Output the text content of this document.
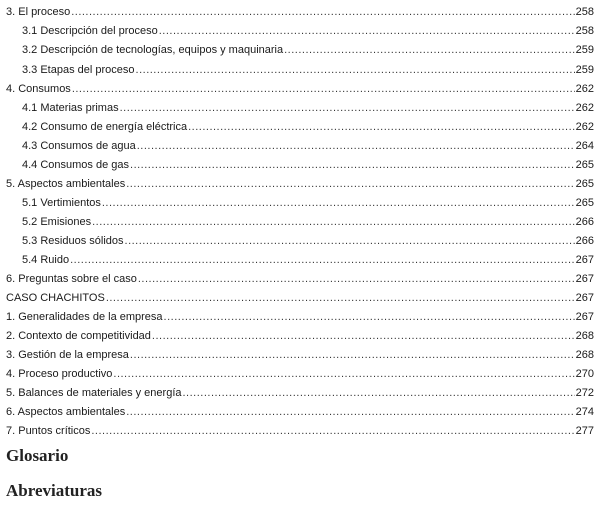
3. El proceso .....	258
3.1 Descripción del proceso .....	258
3.2 Descripción de tecnologías, equipos y maquinaria .....	259
3.3 Etapas del proceso .....	259
4. Consumos .....	262
4.1 Materias primas .....	262
4.2 Consumo de energía eléctrica .....	262
4.3 Consumos de agua .....	264
4.4 Consumos de gas .....	265
5. Aspectos ambientales .....	265
5.1 Vertimientos .....	265
5.2 Emisiones .....	266
5.3 Residuos sólidos .....	266
5.4 Ruido .....	267
6. Preguntas sobre el caso .....	267
CASO CHACHITOS .....	267
1. Generalidades de la empresa .....	267
2. Contexto de competitividad .....	268
3. Gestión de la empresa .....	268
4. Proceso productivo .....	270
5. Balances de materiales y energía .....	272
6. Aspectos ambientales .....	274
7. Puntos críticos .....	277
Glosario
Abreviaturas
